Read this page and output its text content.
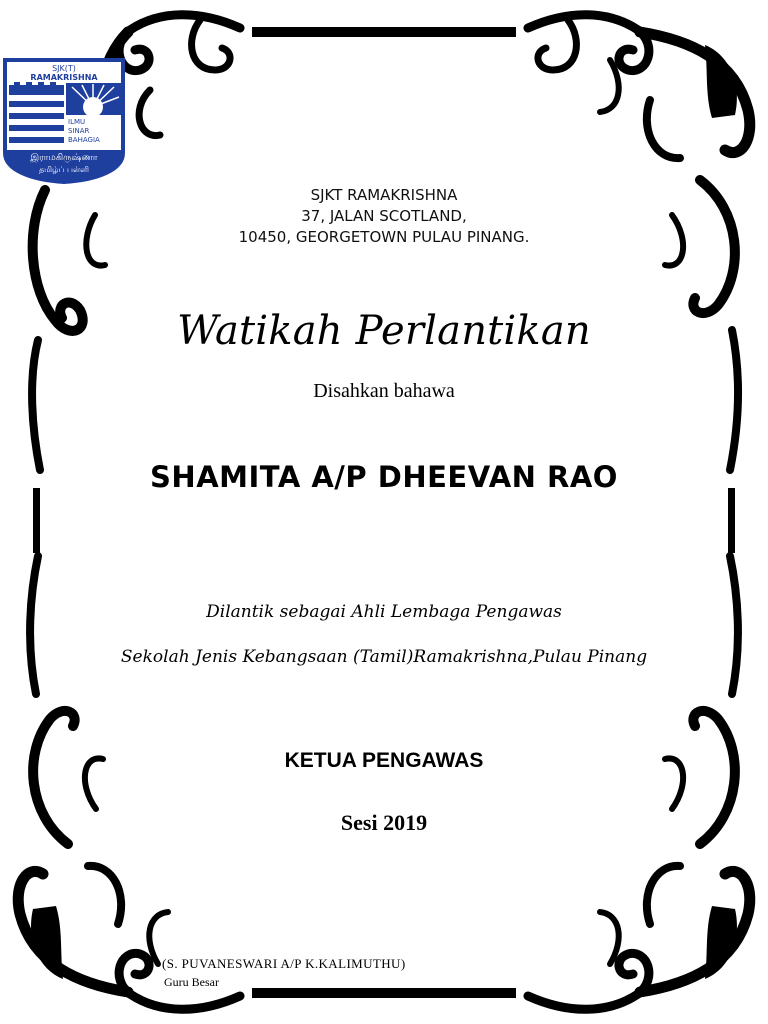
SJK(T)
RAMAKRISHNA
ILMU
SINAR
BAHAGIA
இராமகிருஷ்ணா
தமிழ்ப் பள்ளி
SJKT RAMAKRISHNA
37, JALAN SCOTLAND,
10450, GEORGETOWN PULAU PINANG.
Watikah Perlantikan
Disahkan bahawa
SHAMITA A/P DHEEVAN RAO
Dilantik sebagai Ahli Lembaga Pengawas
Sekolah Jenis Kebangsaan (Tamil)Ramakrishna,Pulau Pinang
KETUA PENGAWAS
Sesi 2019
(S. PUVANESWARI A/P K.KALIMUTHU)
Guru Besar
